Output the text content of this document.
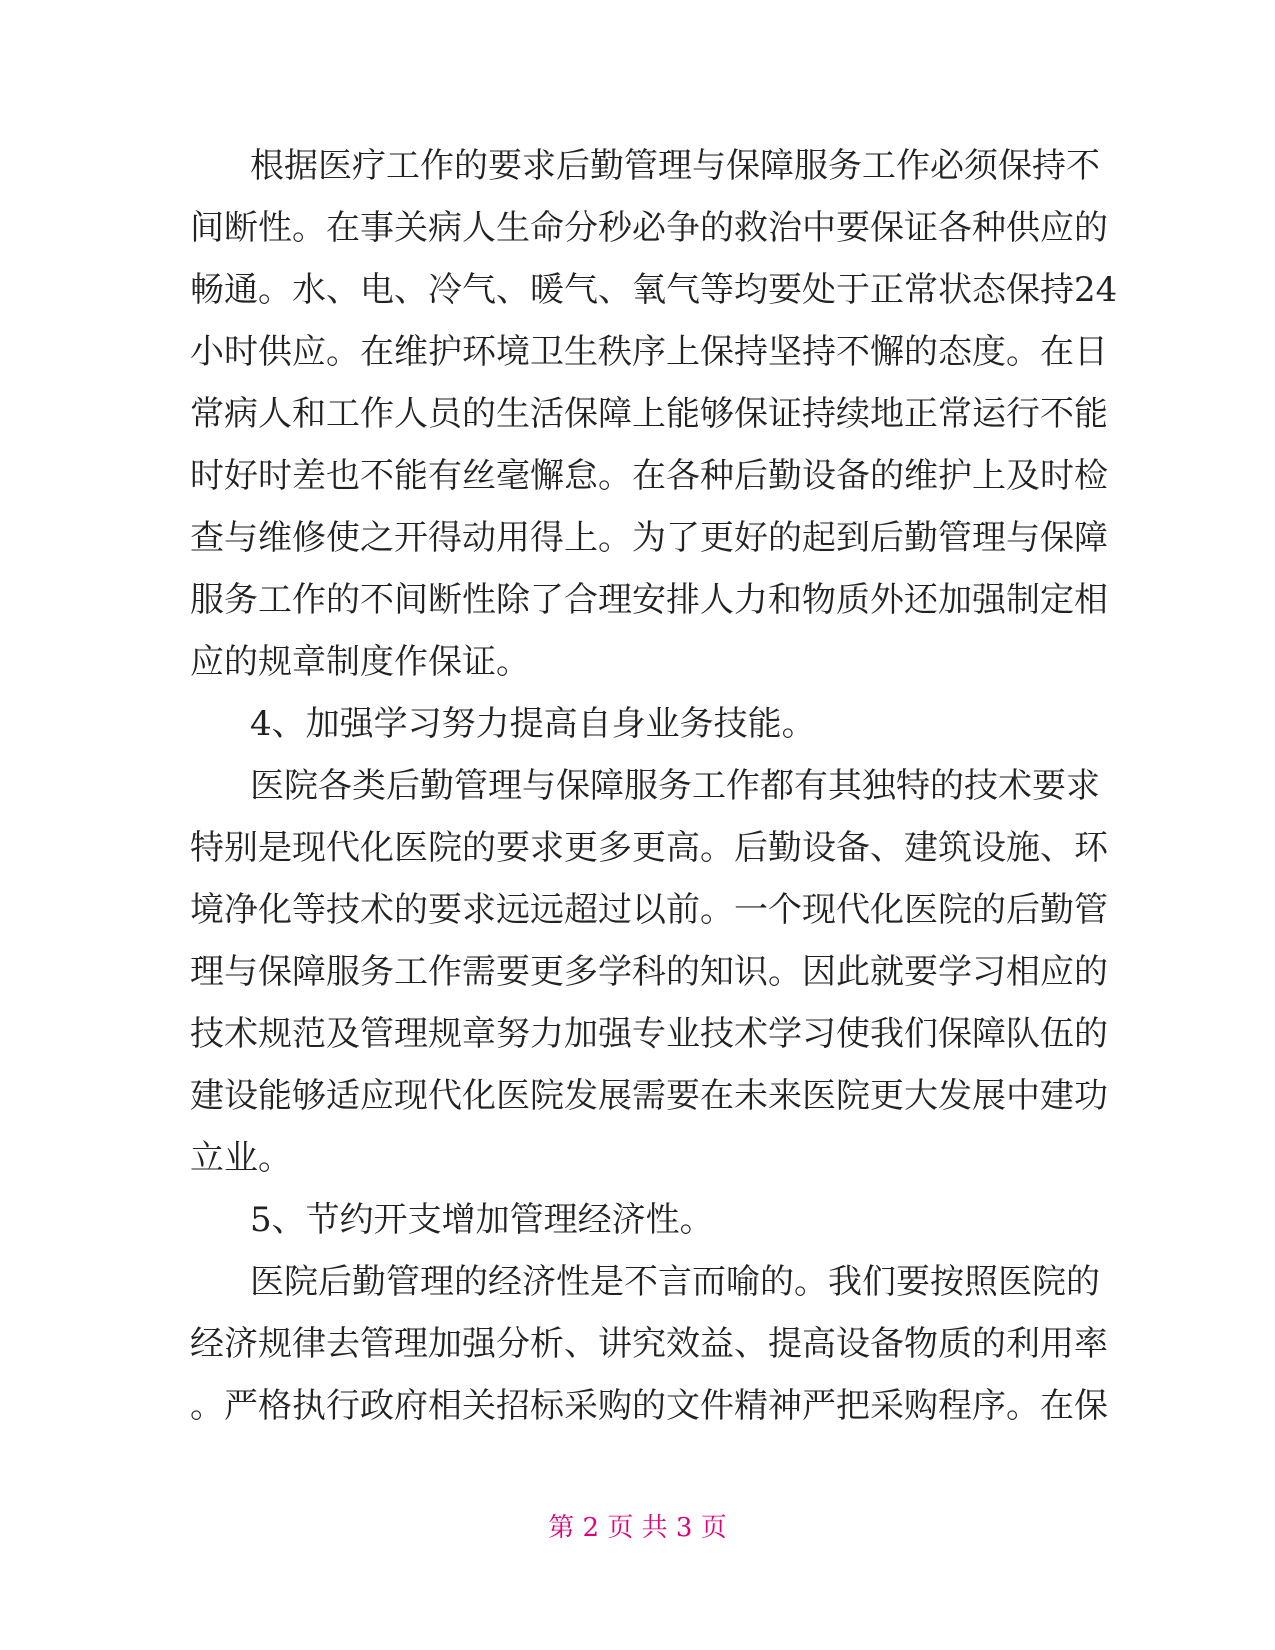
根据医疗工作的要求后勤管理与保障服务工作必须保持不
间断性。在事关病人生命分秒必争的救治中要保证各种供应的
畅通。水、电、冷气、暖气、氧气等均要处于正常状态保持24
小时供应。在维护环境卫生秩序上保持坚持不懈的态度。在日
常病人和工作人员的生活保障上能够保证持续地正常运行不能
时好时差也不能有丝毫懈怠。在各种后勤设备的维护上及时检
查与维修使之开得动用得上。为了更好的起到后勤管理与保障
服务工作的不间断性除了合理安排人力和物质外还加强制定相
应的规章制度作保证。
4、加强学习努力提高自身业务技能。
医院各类后勤管理与保障服务工作都有其独特的技术要求
特别是现代化医院的要求更多更高。后勤设备、建筑设施、环
境净化等技术的要求远远超过以前。一个现代化医院的后勤管
理与保障服务工作需要更多学科的知识。因此就要学习相应的
技术规范及管理规章努力加强专业技术学习使我们保障队伍的
建设能够适应现代化医院发展需要在未来医院更大发展中建功
立业。
5、节约开支增加管理经济性。
医院后勤管理的经济性是不言而喻的。我们要按照医院的
经济规律去管理加强分析、讲究效益、提高设备物质的利用率
。严格执行政府相关招标采购的文件精神严把采购程序。在保
第 2 页 共 3 页
